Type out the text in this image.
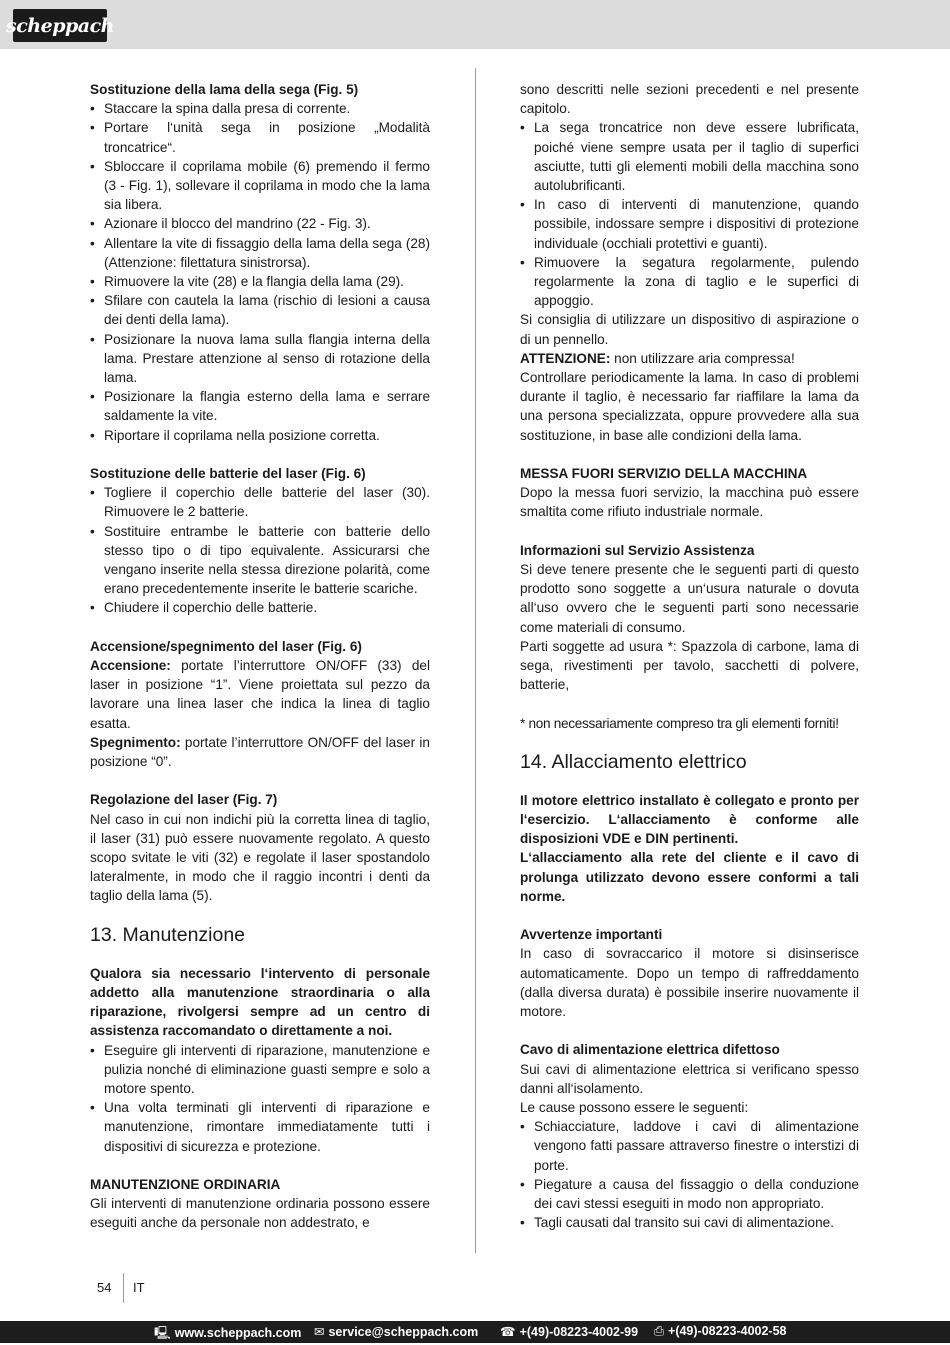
scheppach

Sostituzione della lama della sega (Fig. 5)

• Staccare la spina dalla presa di corrente.
• Portare l‘unità sega in posizione „Modalità troncatrice“.
• Sbloccare il coprilama mobile (6) premendo il fermo (3 - Fig. 1), sollevare il coprilama in modo che la lama sia libera.
• Azionare il blocco del mandrino (22 - Fig. 3).
• Allentare la vite di fissaggio della lama della sega (28) (Attenzione: filettatura sinistrorsa).
• Rimuovere la vite (28) e la flangia della lama (29).
• Sfilare con cautela la lama (rischio di lesioni a causa dei denti della lama).
• Posizionare la nuova lama sulla flangia interna della lama. Prestare attenzione al senso di rotazione della lama.
• Posizionare la flangia esterno della lama e serrare saldamente la vite.
• Riportare il coprilama nella posizione corretta.

Sostituzione delle batterie del laser (Fig. 6)

• Togliere il coperchio delle batterie del laser (30). Rimuovere le 2 batterie.
• Sostituire entrambe le batterie con batterie dello stesso tipo o di tipo equivalente. Assicurarsi che vengano inserite nella stessa direzione polarità, come erano precedentemente inserite le batterie scariche.
• Chiudere il coperchio delle batterie.

Accensione/spegnimento del laser (Fig. 6)

Accensione: portate l’interruttore ON/OFF (33) del laser in posizione “1”. Viene proiettata sul pezzo da lavorare una linea laser che indica la linea di taglio esatta.

Spegnimento: portate l’interruttore ON/OFF del laser in posizione “0”.

Regolazione del laser (Fig. 7)

Nel caso in cui non indichi più la corretta linea di taglio, il laser (31) può essere nuovamente regolato. A questo scopo svitate le viti (32) e regolate il laser spostandolo lateralmente, in modo che il raggio incontri i denti da taglio della lama (5).

13. Manutenzione

Qualora sia necessario l‘intervento di personale addetto alla manutenzione straordinaria o alla riparazione, rivolgersi sempre ad un centro di assistenza raccomandato o direttamente a noi.

• Eseguire gli interventi di riparazione, manutenzione e pulizia nonché di eliminazione guasti sempre e solo a motore spento.
• Una volta terminati gli interventi di riparazione e manutenzione, rimontare immediatamente tutti i dispositivi di sicurezza e protezione.

MANUTENZIONE ORDINARIA

Gli interventi di manutenzione ordinaria possono essere eseguiti anche da personale non addestrato, e

sono descritti nelle sezioni precedenti e nel presente capitolo.

• La sega troncatrice non deve essere lubrificata, poiché viene sempre usata per il taglio di superfici asciutte, tutti gli elementi mobili della macchina sono autolubrificanti.
• In caso di interventi di manutenzione, quando possibile, indossare sempre i dispositivi di protezione individuale (occhiali protettivi e guanti).
• Rimuovere la segatura regolarmente, pulendo regolarmente la zona di taglio e le superfici di appoggio.

Si consiglia di utilizzare un dispositivo di aspirazione o di un pennello.

ATTENZIONE: non utilizzare aria compressa!

Controllare periodicamente la lama. In caso di problemi durante il taglio, è necessario far riaffilare la lama da una persona specializzata, oppure provvedere alla sua sostituzione, in base alle condizioni della lama.

MESSA FUORI SERVIZIO DELLA MACCHINA

Dopo la messa fuori servizio, la macchina può essere smaltita come rifiuto industriale normale.

Informazioni sul Servizio Assistenza

Si deve tenere presente che le seguenti parti di questo prodotto sono soggette a un‘usura naturale o dovuta all‘uso ovvero che le seguenti parti sono necessarie come materiali di consumo.

Parti soggette ad usura *: Spazzola di carbone, lama di sega, rivestimenti per tavolo, sacchetti di polvere, batterie,

* non necessariamente compreso tra gli elementi forniti!

14. Allacciamento elettrico

Il motore elettrico installato è collegato e pronto per l‘esercizio. L‘allacciamento è conforme alle disposizioni VDE e DIN pertinenti.

L‘allacciamento alla rete del cliente e il cavo di prolunga utilizzato devono essere conformi a tali norme.

Avvertenze importanti

In caso di sovraccarico il motore si disinserisce automaticamente. Dopo un tempo di raffreddamento (dalla diversa durata) è possibile inserire nuovamente il motore.

Cavo di alimentazione elettrica difettoso

Sui cavi di alimentazione elettrica si verificano spesso danni all‘isolamento.

Le cause possono essere le seguenti:

• Schiacciature, laddove i cavi di alimentazione vengono fatti passare attraverso finestre o interstizi di porte.
• Piegature a causa del fissaggio o della conduzione dei cavi stessi eseguiti in modo non appropriato.
• Tagli causati dal transito sui cavi di alimentazione.
54 IT
🖳 www.scheppach.com ✉ service@scheppach.com ☎ +(49)-08223-4002-99 ⎙ +(49)-08223-4002-58
